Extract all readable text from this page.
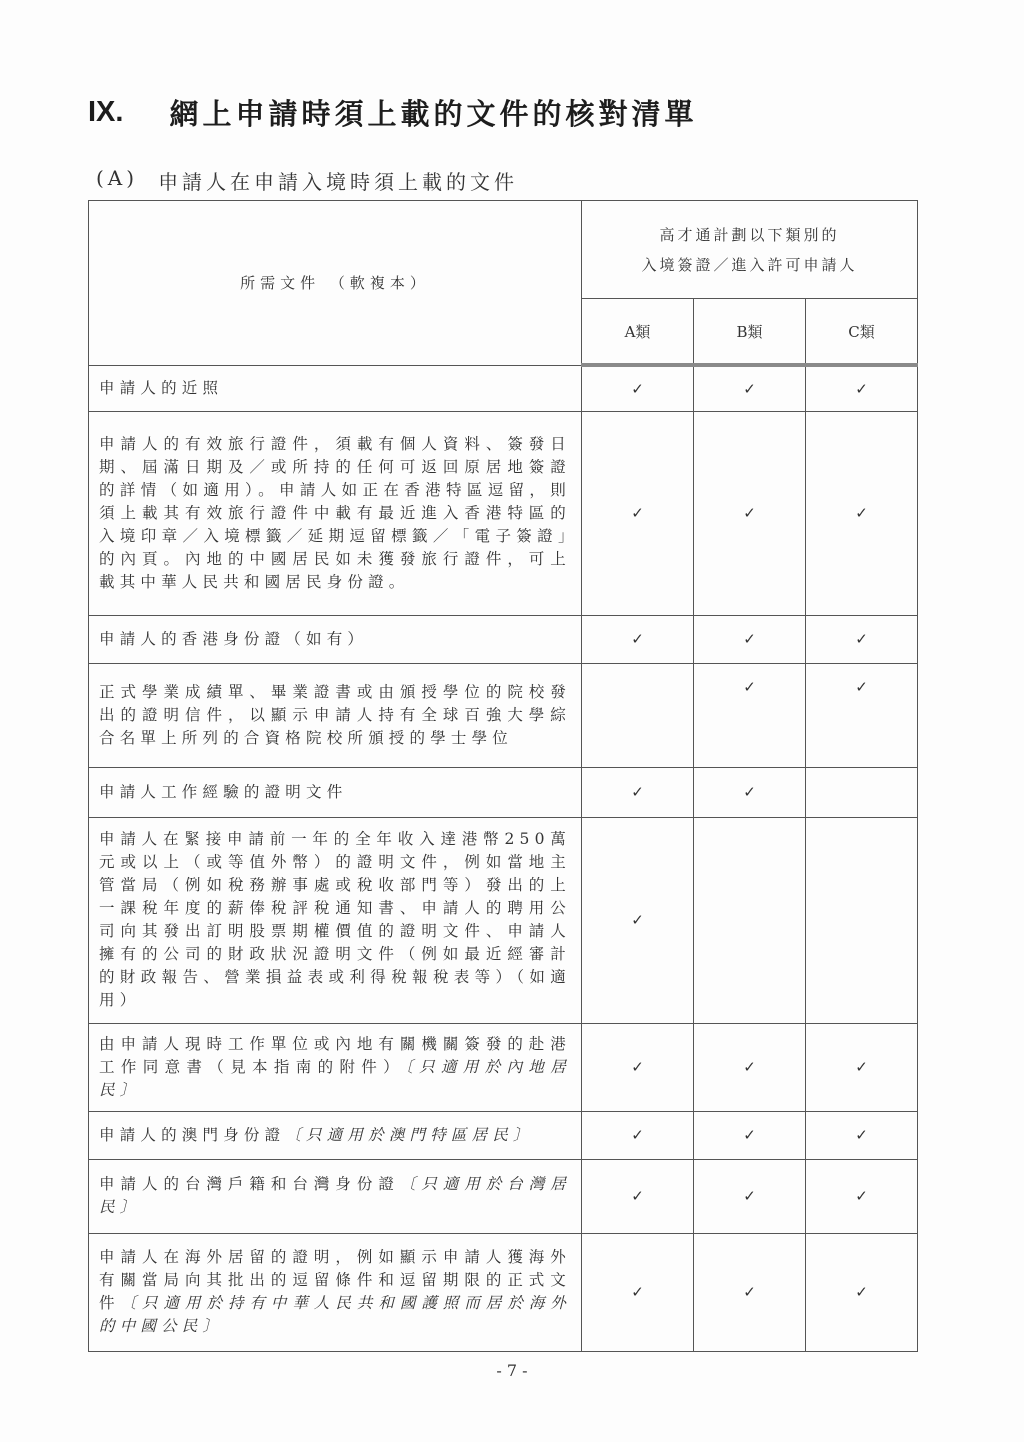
IX. 網上申請時須上載的文件的核對清單
(A) 申請人在申請入境時須上載的文件
所需文件 （軟複本）	高才通計劃以下類別的
入境簽證／進入許可申請人		

	A類	B類	C類
申請人的近照	✓	✓	✓
申請人的有效旅行證件，須載有個人資料、簽發日期、屆滿日期及／或所持的任何可返回原居地簽證的詳情（如適用）。申請人如正在香港特區逗留，則須上載其有效旅行證件中載有最近進入香港特區的入境印章／入境標籤／延期逗留標籤／「電子簽證」的內頁。內地的中國居民如未獲發旅行證件，可上載其中華人民共和國居民身份證。	✓	✓	✓
申請人的香港身份證（如有）	✓	✓	✓
正式學業成績單、畢業證書或由頒授學位的院校發出的證明信件，以顯示申請人持有全球百強大學綜合名單上所列的合資格院校所頒授的學士學位		✓	✓
申請人工作經驗的證明文件	✓	✓	
申請人在緊接申請前一年的全年收入達港幣250萬元或以上（或等值外幣）的證明文件，例如當地主管當局（例如稅務辦事處或稅收部門等）發出的上一課稅年度的薪俸稅評稅通知書、申請人的聘用公司向其發出訂明股票期權價值的證明文件、申請人擁有的公司的財政狀況證明文件（例如最近經審計的財政報告、營業損益表或利得稅報稅表等）（如適用）	✓		
由申請人現時工作單位或內地有關機關簽發的赴港工作同意書（見本指南的附件）〔只適用於內地居民〕	✓	✓	✓
申請人的澳門身份證〔只適用於澳門特區居民〕	✓	✓	✓
申請人的台灣戶籍和台灣身份證〔只適用於台灣居民〕	✓	✓	✓
申請人在海外居留的證明，例如顯示申請人獲海外有關當局向其批出的逗留條件和逗留期限的正式文件〔只適用於持有中華人民共和國護照而居於海外的中國公民〕	✓	✓	✓
- 7 -
